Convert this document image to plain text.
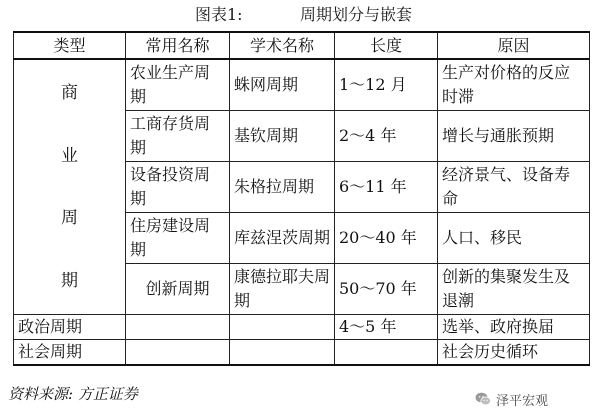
图表1:	周期划分与嵌套
类型	常用名称	学术名称	长度	原因

商
业
周
期	农业生产周期	蛛网周期	1～12 月	生产对价格的反应时滞
	工商存货周期	基钦周期	2～4 年	增长与通胀预期
	设备投资周期	朱格拉周期	6～11 年	经济景气、设备寿命
	住房建设周期	库兹涅茨周期	20～40 年	人口、移民
	创新周期	康德拉耶夫周期	50～70 年	创新的集聚发生及退潮
政治周期			4～5 年	选举、政府换届
社会周期				社会历史循环
资料来源: 方正证券	泽平宏观
